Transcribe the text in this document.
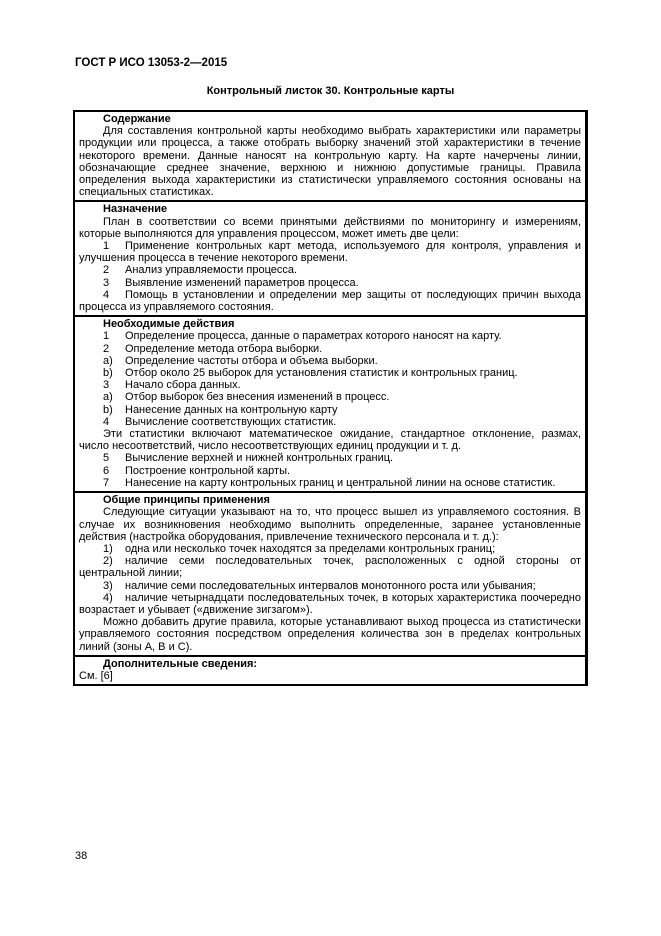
ГОСТ Р ИСО 13053-2—2015
Контрольный листок 30. Контрольные карты
Содержание

Для составления контрольной карты необходимо выбрать характеристики или параметры продукции или процесса, а также отобрать выборку значений этой характеристики в течение некоторого времени. Данные наносят на контрольную карту. На карте начерчены линии, обозначающие среднее значение, верхнюю и нижнюю допустимые границы. Правила определения выхода характеристики из статистически управляемого состояния основаны на специальных статистиках.

Назначение

План в соответствии со всеми принятыми действиями по мониторингу и измерениям, которые выполняются для управления процессом, может иметь две цели:

1 Применение контрольных карт метода, используемого для контроля, управления и улучшения процесса в течение некоторого времени.

2 Анализ управляемости процесса.

3 Выявление изменений параметров процесса.

4 Помощь в установлении и определении мер защиты от последующих причин выхода процесса из управляемого состояния.

Необходимые действия

1 Определение процесса, данные о параметрах которого наносят на карту.

2 Определение метода отбора выборки.

a) Определение частоты отбора и объема выборки.

b) Отбор около 25 выборок для установления статистик и контрольных границ.

3 Начало сбора данных.

a) Отбор выборок без внесения изменений в процесс.

b) Нанесение данных на контрольную карту

4 Вычисление соответствующих статистик.

Эти статистики включают математическое ожидание, стандартное отклонение, размах, число несоответствий, число несоответствующих единиц продукции и т. д.

5 Вычисление верхней и нижней контрольных границ.

6 Построение контрольной карты.

7 Нанесение на карту контрольных границ и центральной линии на основе статистик.

Общие принципы применения

Следующие ситуации указывают на то, что процесс вышел из управляемого состояния. В случае их возникновения необходимо выполнить определенные, заранее установленные действия (настройка оборудования, привлечение технического персонала и т. д.):

1) одна или несколько точек находятся за пределами контрольных границ;

2) наличие семи последовательных точек, расположенных с одной стороны от центральной линии;

3) наличие семи последовательных интервалов монотонного роста или убывания;

4) наличие четырнадцати последовательных точек, в которых характеристика поочередно возрастает и убывает («движение зигзагом»).

Можно добавить другие правила, которые устанавливают выход процесса из статистически управляемого состояния посредством определения количества зон в пределах контрольных линий (зоны А, В и С).

Дополнительные сведения:

См. [6]

38
